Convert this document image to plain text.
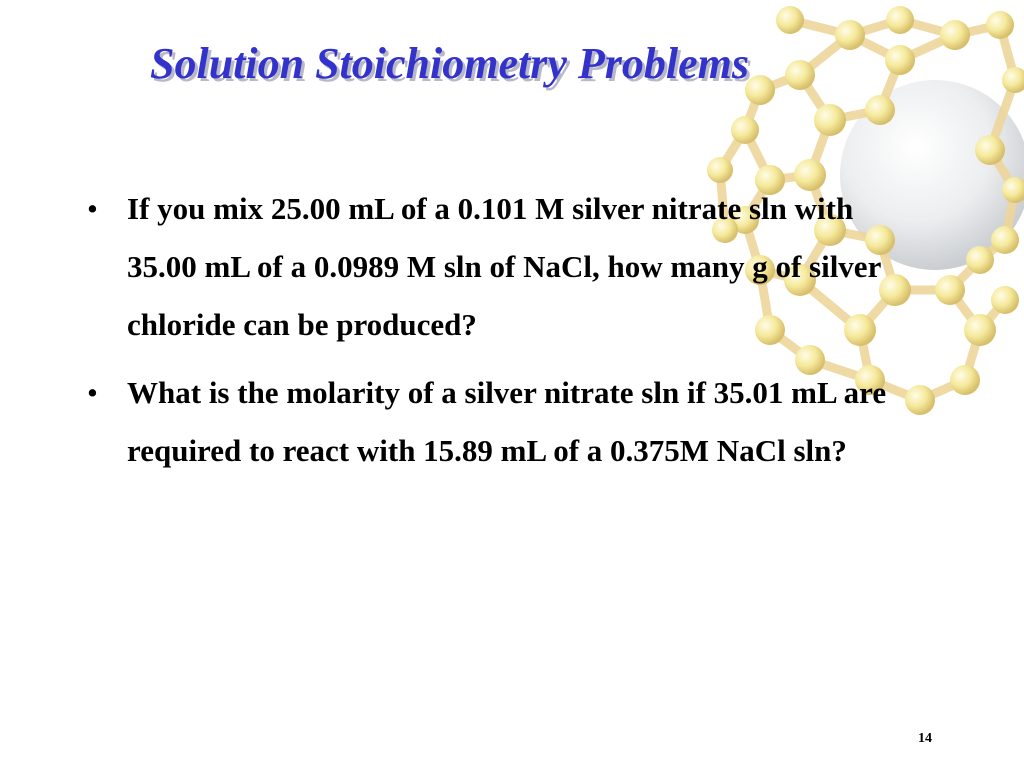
Solution Stoichiometry Problems
• If you mix 25.00 mL of a 0.101 M silver nitrate sln with 35.00 mL of a 0.0989 M sln of NaCl, how many g of silver chloride can be produced?
• What is the molarity of a silver nitrate sln if 35.01 mL are required to react with 15.89 mL of a 0.375M NaCl sln?
14
